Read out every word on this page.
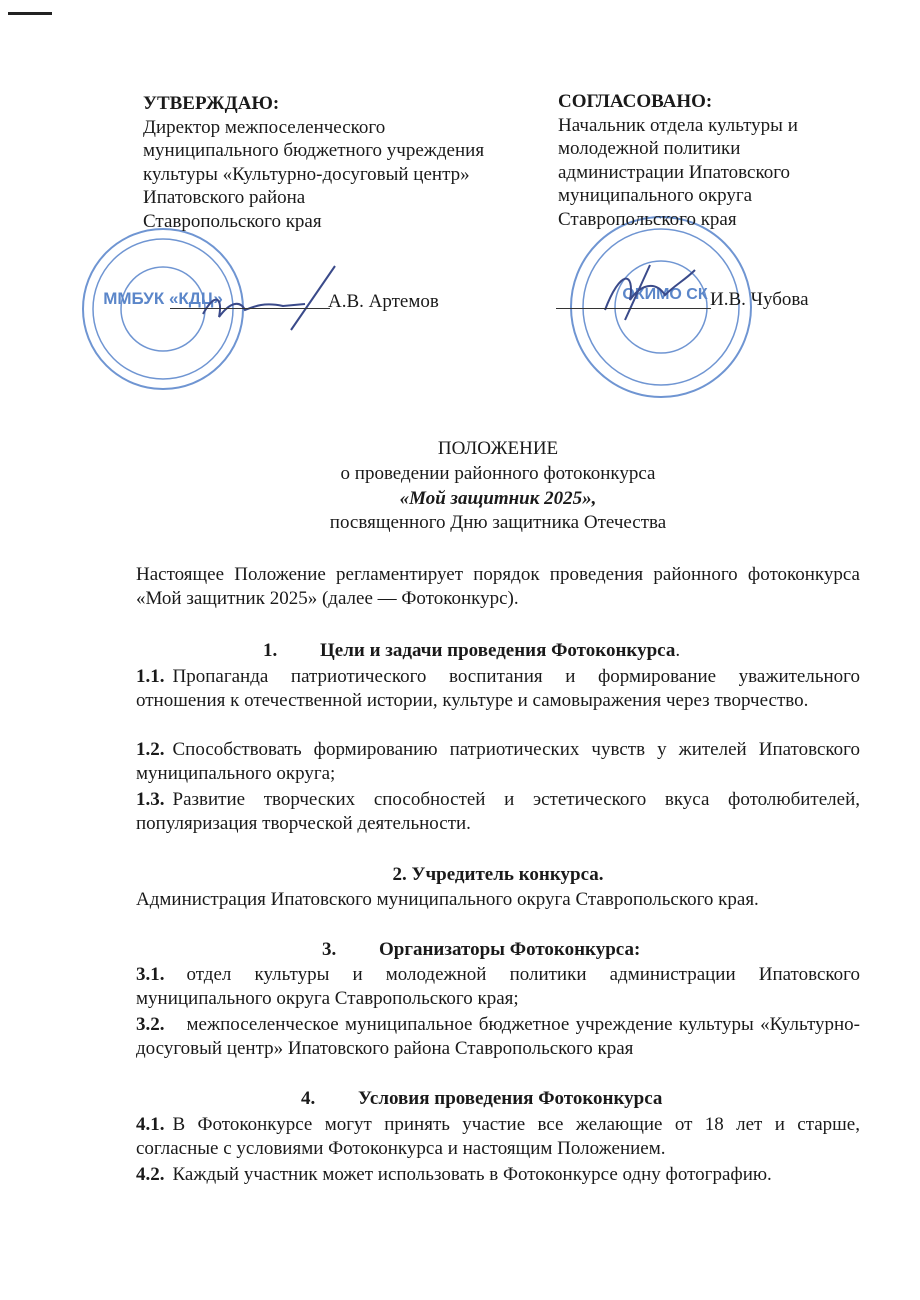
ММБУК «КДЦ»	ОКИМО СК
УТВЕРЖДАЮ:
Директор межпоселенческого
муниципального бюджетного учреждения
культуры «Культурно-досуговый центр»
Ипатовского района
Ставропольского края
А.В. Артемов
СОГЛАСОВАНО:
Начальник отдела культуры и
молодежной политики
администрации Ипатовского
муниципального округа
Ставропольского края
И.В. Чубова
ПОЛОЖЕНИЕ
о проведении районного фотоконкурса
«Мой защитник 2025»,
посвященного Дню защитника Отечества
Настоящее Положение регламентирует порядок проведения районного фотоконкурса «Мой защитник 2025» (далее — Фотоконкурс).
1. Цели и задачи проведения Фотоконкурса.
1.1. Пропаганда патриотического воспитания и формирование уважительного отношения к отечественной истории, культуре и самовыражения через творчество.
1.2. Способствовать формированию патриотических чувств у жителей Ипатовского муниципального округа;
1.3. Развитие творческих способностей и эстетического вкуса фотолюбителей, популяризация творческой деятельности.
2. Учредитель конкурса.
Администрация Ипатовского муниципального округа Ставропольского края.
3. Организаторы Фотоконкурса:
3.1. отдел культуры и молодежной политики администрации Ипатовского муниципального округа Ставропольского края;
3.2. межпоселенческое муниципальное бюджетное учреждение культуры «Культурно-досуговый центр» Ипатовского района Ставропольского края
4. Условия проведения Фотоконкурса
4.1. В Фотоконкурсе могут принять участие все желающие от 18 лет и старше, согласные с условиями Фотоконкурса и настоящим Положением.
4.2. Каждый участник может использовать в Фотоконкурсе одну фотографию.
